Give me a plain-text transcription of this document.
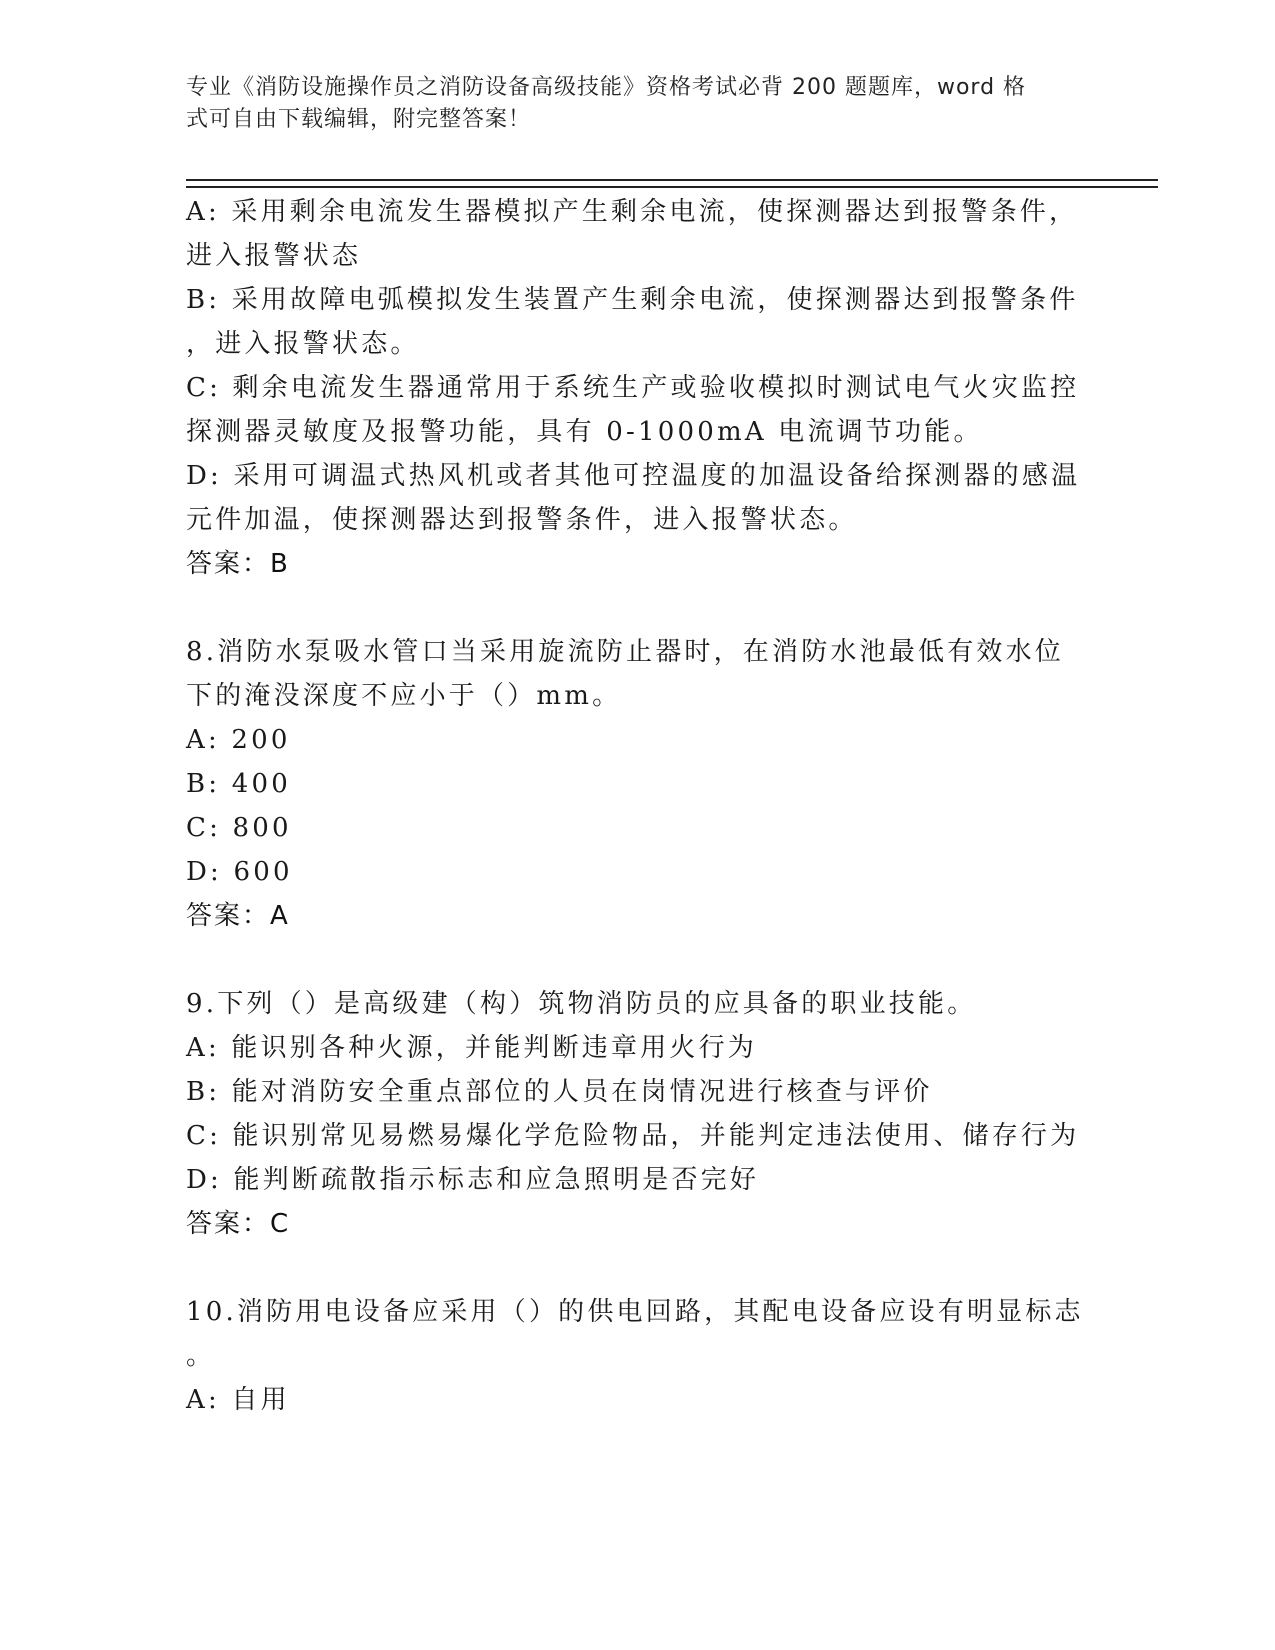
专业《消防设施操作员之消防设备高级技能》资格考试必背 200 题题库，word 格
式可自由下载编辑，附完整答案！
A: 采用剩余电流发生器模拟产生剩余电流，使探测器达到报警条件，
进入报警状态
B: 采用故障电弧模拟发生装置产生剩余电流，使探测器达到报警条件
，进入报警状态。
C: 剩余电流发生器通常用于系统生产或验收模拟时测试电气火灾监控
探测器灵敏度及报警功能，具有 0-1000mA 电流调节功能。
D: 采用可调温式热风机或者其他可控温度的加温设备给探测器的感温
元件加温，使探测器达到报警条件，进入报警状态。
答案：B
8.消防水泵吸水管口当采用旋流防止器时，在消防水池最低有效水位
下的淹没深度不应小于（）mm。
A: 200
B: 400
C: 800
D: 600
答案：A
9.下列（）是高级建（构）筑物消防员的应具备的职业技能。
A: 能识别各种火源，并能判断违章用火行为
B: 能对消防安全重点部位的人员在岗情况进行核查与评价
C: 能识别常见易燃易爆化学危险物品，并能判定违法使用、储存行为
D: 能判断疏散指示标志和应急照明是否完好
答案：C
10.消防用电设备应采用（）的供电回路，其配电设备应设有明显标志
。
A: 自用
